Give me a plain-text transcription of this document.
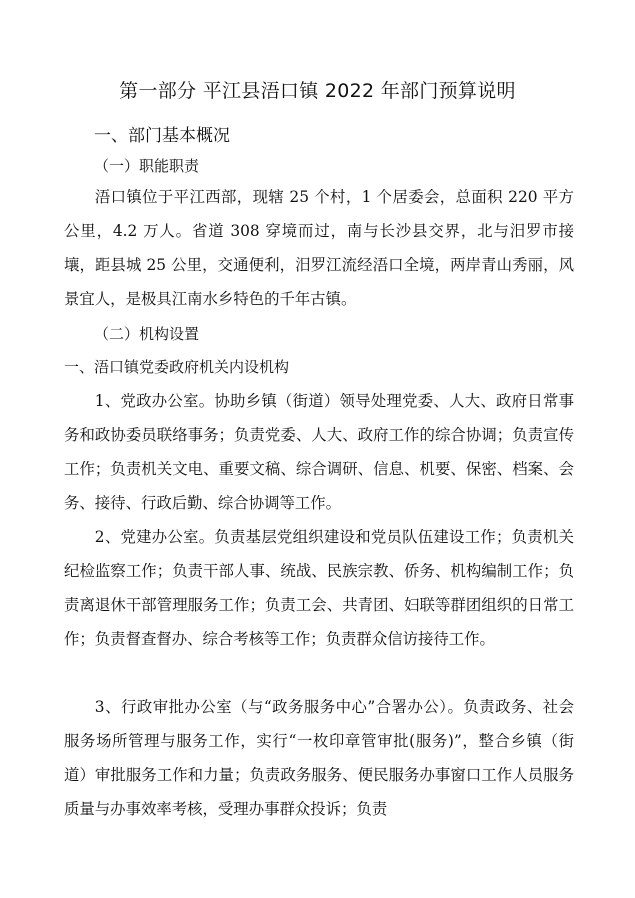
第一部分 平江县浯口镇 2022 年部门预算说明
一、部门基本概况
（一）职能职责

浯口镇位于平江西部，现辖 25 个村，1 个居委会，总面积 220 平方公里，4.2 万人。省道 308 穿境而过，南与长沙县交界，北与汨罗市接壤，距县城 25 公里，交通便利，汨罗江流经浯口全境，两岸青山秀丽，风景宜人，是极具江南水乡特色的千年古镇。

（二）机构设置
一、浯口镇党委政府机关内设机构

1、党政办公室。协助乡镇（街道）领导处理党委、人大、政府日常事务和政协委员联络事务；负责党委、人大、政府工作的综合协调；负责宣传工作；负责机关文电、重要文稿、综合调研、信息、机要、保密、档案、会务、接待、行政后勤、综合协调等工作。

2、党建办公室。负责基层党组织建设和党员队伍建设工作；负责机关纪检监察工作；负责干部人事、统战、民族宗教、侨务、机构编制工作；负责离退休干部管理服务工作；负责工会、共青团、妇联等群团组织的日常工作；负责督查督办、综合考核等工作；负责群众信访接待工作。

3、行政审批办公室（与“政务服务中心”合署办公）。负责政务、社会服务场所管理与服务工作，实行“一枚印章管审批(服务)”，整合乡镇（街道）审批服务工作和力量；负责政务服务、便民服务办事窗口工作人员服务质量与办事效率考核，受理办事群众投诉；负责
